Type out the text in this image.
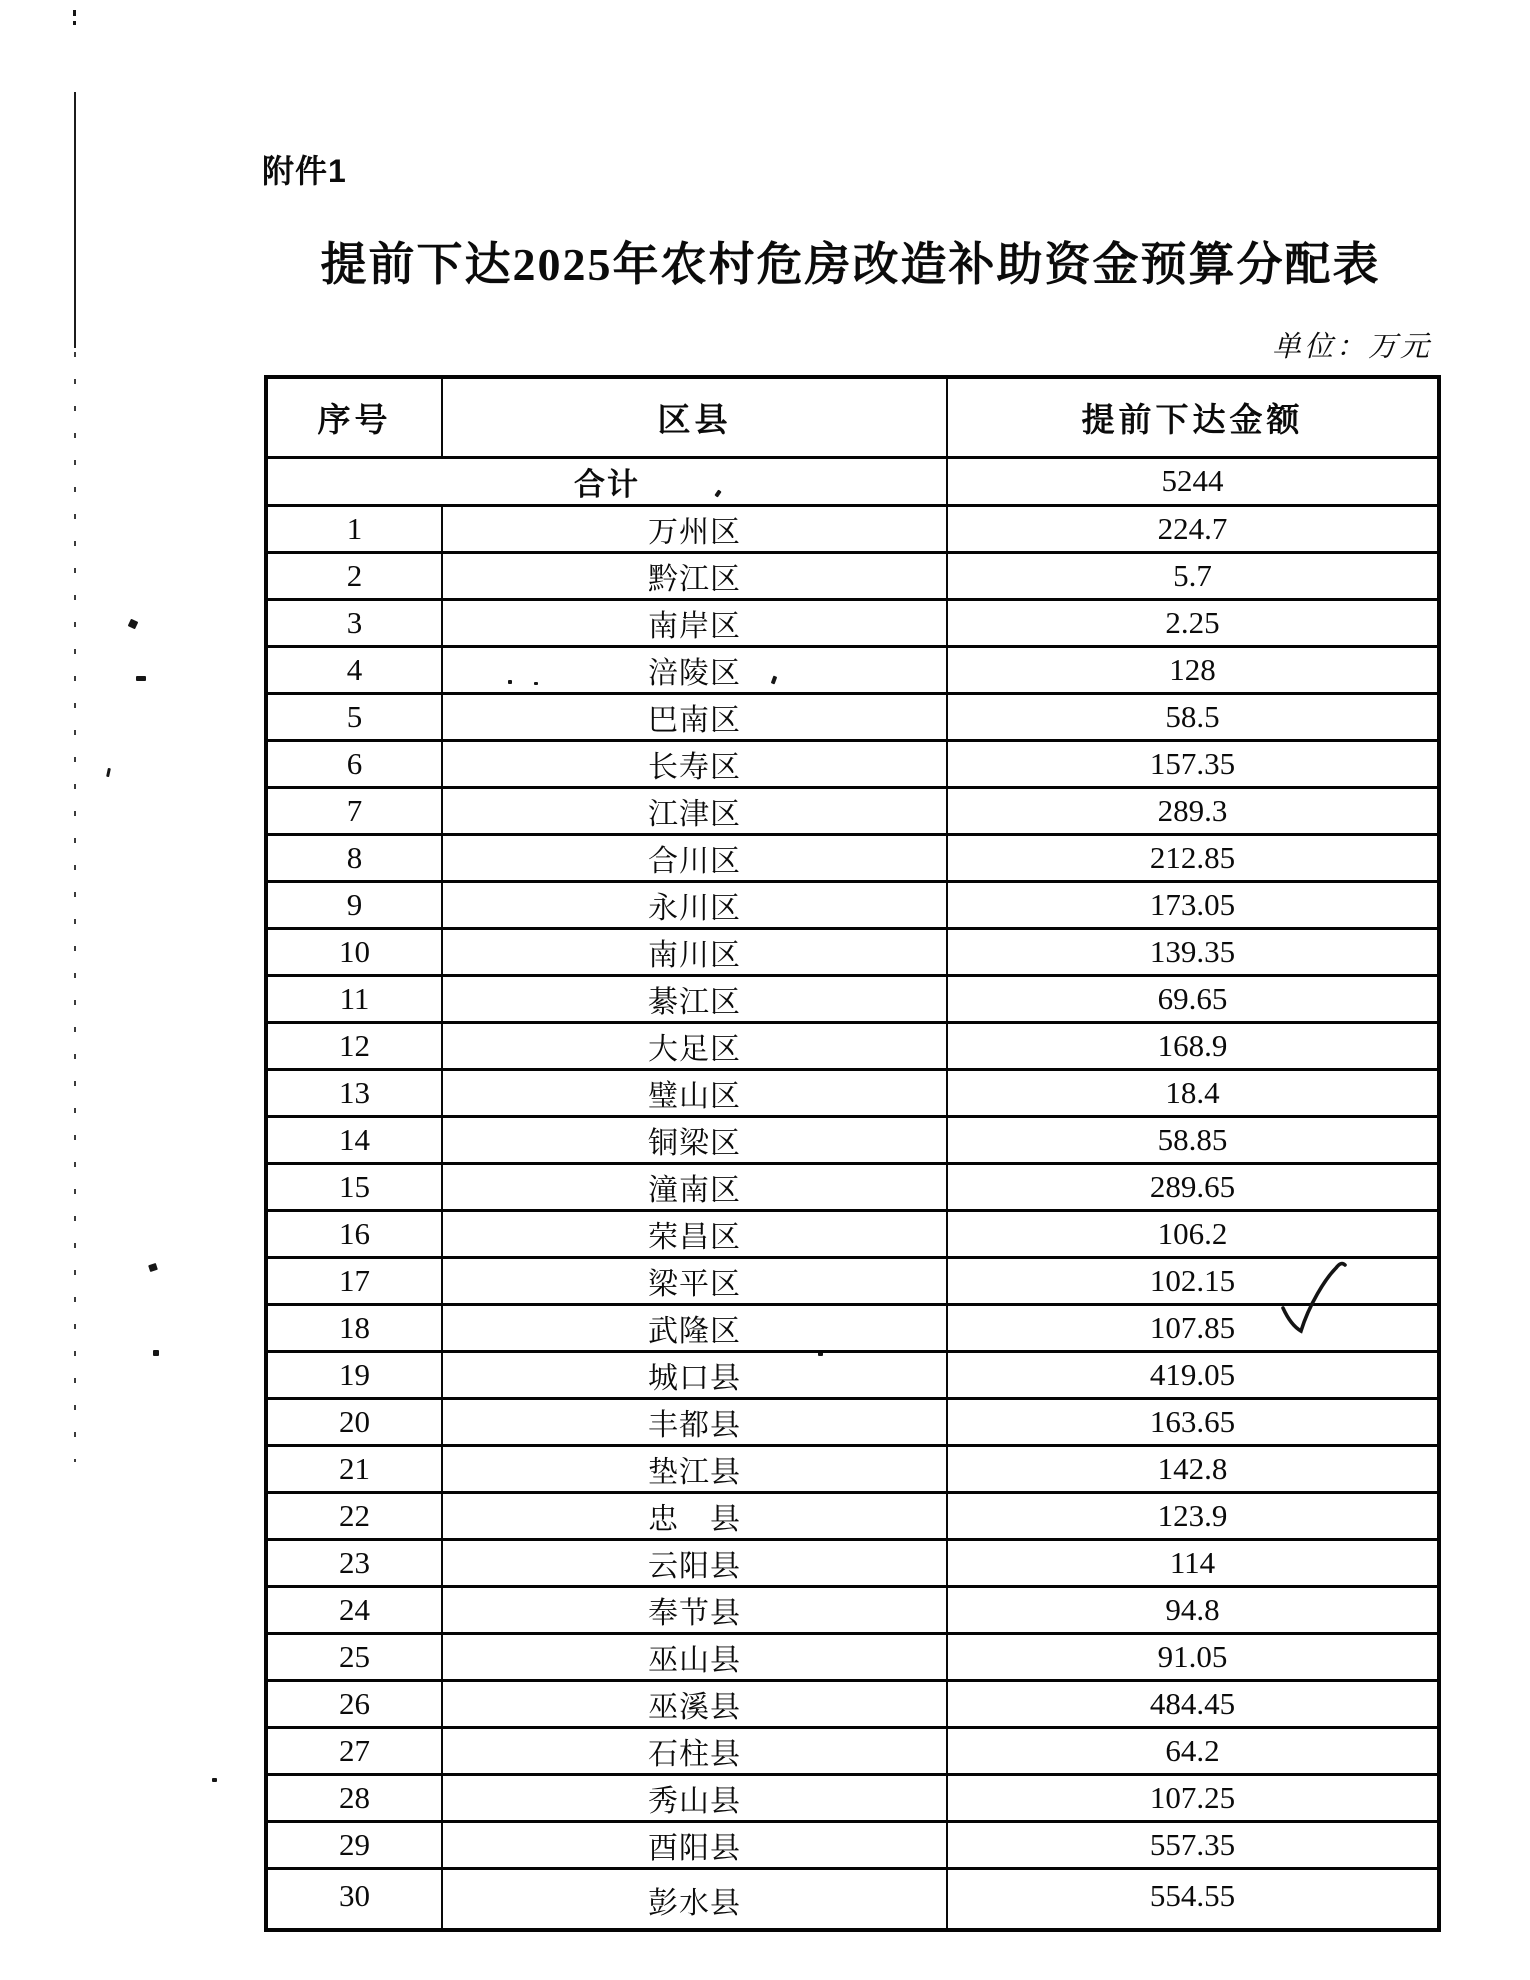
附件1
提前下达2025年农村危房改造补助资金预算分配表
单位：万元
序号	区县	提前下达金额
合计		5244
1	万州区	224.7
2	黔江区	5.7
3	南岸区	2.25
4	涪陵区	128
5	巴南区	58.5
6	长寿区	157.35
7	江津区	289.3
8	合川区	212.85
9	永川区	173.05
10	南川区	139.35
11	綦江区	69.65
12	大足区	168.9
13	璧山区	18.4
14	铜梁区	58.85
15	潼南区	289.65
16	荣昌区	106.2
17	梁平区	102.15
18	武隆区	107.85
19	城口县	419.05
20	丰都县	163.65
21	垫江县	142.8
22	忠　县	123.9
23	云阳县	114
24	奉节县	94.8
25	巫山县	91.05
26	巫溪县	484.45
27	石柱县	64.2
28	秀山县	107.25
29	酉阳县	557.35
30	彭水县	554.55
